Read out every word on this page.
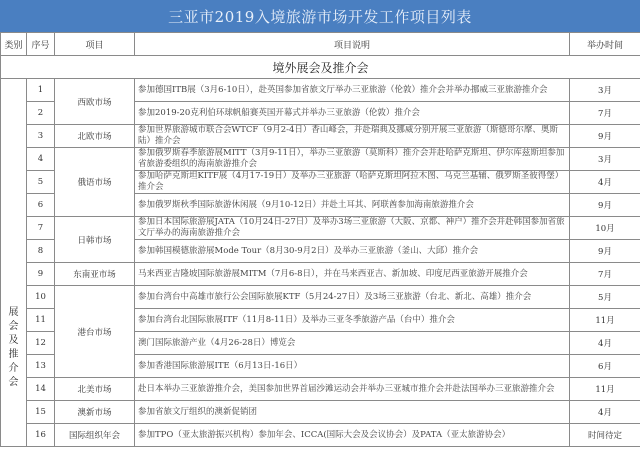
三亚市2019入境旅游市场开发工作项目列表
类别	序号	项目	项目说明	举办时间
境外展会及推介会				
展会及推介会	1	西欧市场	参加德国ITB展（3月6-10日），赴英国参加省旅文厅举办三亚旅游（伦敦）推介会并举办挪威三亚旅游推介会	3月
	2		参加2019-20克利伯环球帆船赛英国开幕式并举办三亚旅游（伦敦）推介会	7月
	3	北欧市场	参加世界旅游城市联合会WTCF（9月2-4日）香山峰会，并赴瑞典及挪威分别开展三亚旅游（斯德哥尔摩、奥斯陆）推介会	9月
	4	俄语市场	参加俄罗斯春季旅游展MITT（3月9-11日），举办三亚旅游（莫斯科）推介会并赴哈萨克斯坦、伊尔库兹斯坦参加省旅游委组织的海南旅游推介会	3月
	5		参加哈萨克斯坦KITF展（4月17-19日）及举办三亚旅游（哈萨克斯坦阿拉木图、乌克兰基辅、俄罗斯圣彼得堡）推介会	4月
	6		参加俄罗斯秋季国际旅游休闲展（9月10-12日）并赴土耳其、阿联酋参加海南旅游推介会	9月
	7	日韩市场	参加日本国际旅游展JATA（10月24日-27日）及举办3场三亚旅游（大阪、京都、神户）推介会并赴韩国参加省旅文厅举办的海南旅游推介会	10月
	8		参加韩国模德旅游展Mode Tour（8月30-9月2日）及举办三亚旅游（釜山、大邱）推介会	9月
	9	东南亚市场	马来西亚吉隆坡国际旅游展MITM（7月6-8日），并在马来西亚吉、新加坡、印度尼西亚旅游开展推介会	7月
	10	港台市场	参加台湾台中高雄市旅行公会国际旅展KTF（5月24-27日）及3场三亚旅游（台北、新北、高雄）推介会	5月
	11		参加台湾台北国际旅展ITF（11月8-11日）及举办三亚冬季旅游产品（台中）推介会	11月
	12		澳门国际旅游产业（4月26-28日）博览会	4月
	13		参加香港国际旅游展ITE（6月13日-16日）	6月
	14	北美市场	赴日本举办三亚旅游推介会，美国参加世界首届沙滩运动会并举办三亚城市推介会并赴法国举办三亚旅游推介会	11月
	15	澳新市场	参加省旅文厅组织的澳新促销团	4月
	16	国际组织年会	参加TPO（亚太旅游振兴机构）参加年会、ICCA(国际大会及会议协会）及PATA（亚太旅游协会）	时间待定
